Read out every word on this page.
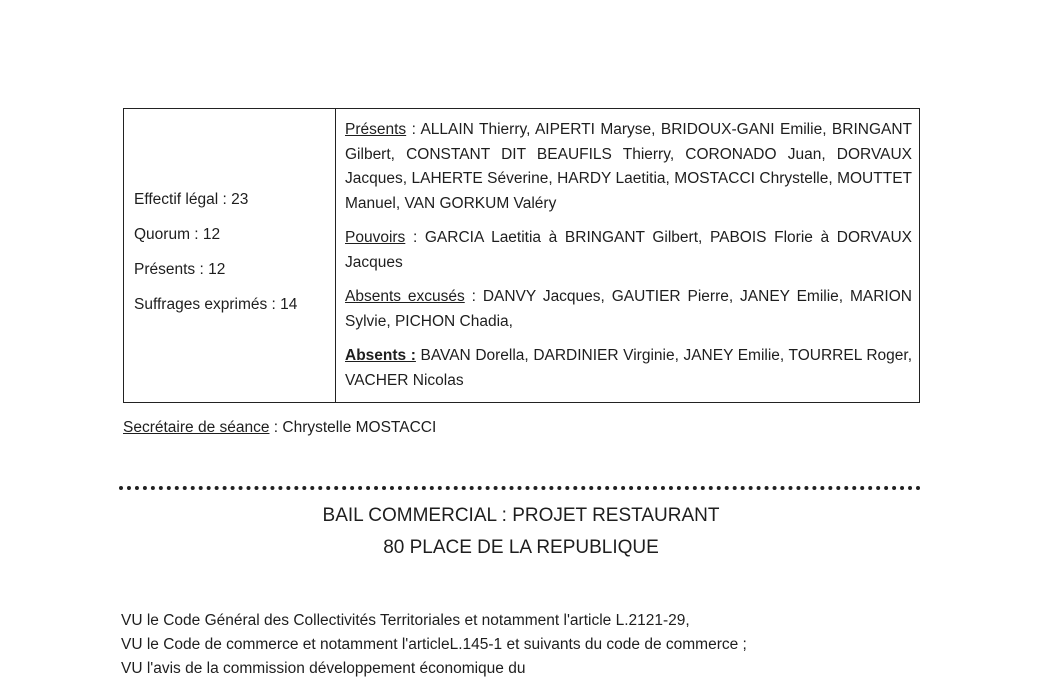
Effectif légal : 23
Quorum : 12
Présents : 12
Suffrages exprimés : 14

Présents : ALLAIN Thierry, AIPERTI Maryse, BRIDOUX-GANI Emilie, BRINGANT Gilbert, CONSTANT DIT BEAUFILS Thierry, CORONADO Juan, DORVAUX Jacques, LAHERTE Séverine, HARDY Laetitia, MOSTACCI Chrystelle, MOUTTET Manuel, VAN GORKUM Valéry

Pouvoirs : GARCIA Laetitia à BRINGANT Gilbert, PABOIS Florie à DORVAUX Jacques

Absents excusés : DANVY Jacques, GAUTIER Pierre, JANEY Emilie, MARION Sylvie, PICHON Chadia,

Absents : BAVAN Dorella, DARDINIER Virginie, JANEY Emilie, TOURREL Roger, VACHER Nicolas

Secrétaire de séance : Chrystelle MOSTACCI
BAIL COMMERCIAL : PROJET RESTAURANT
80 PLACE DE LA REPUBLIQUE
VU le Code Général des Collectivités Territoriales et notamment l'article L.2121-29,
VU le Code de commerce et notamment l'articleL.145-1 et suivants du code de commerce ;
VU l'avis de la commission développement économique du
